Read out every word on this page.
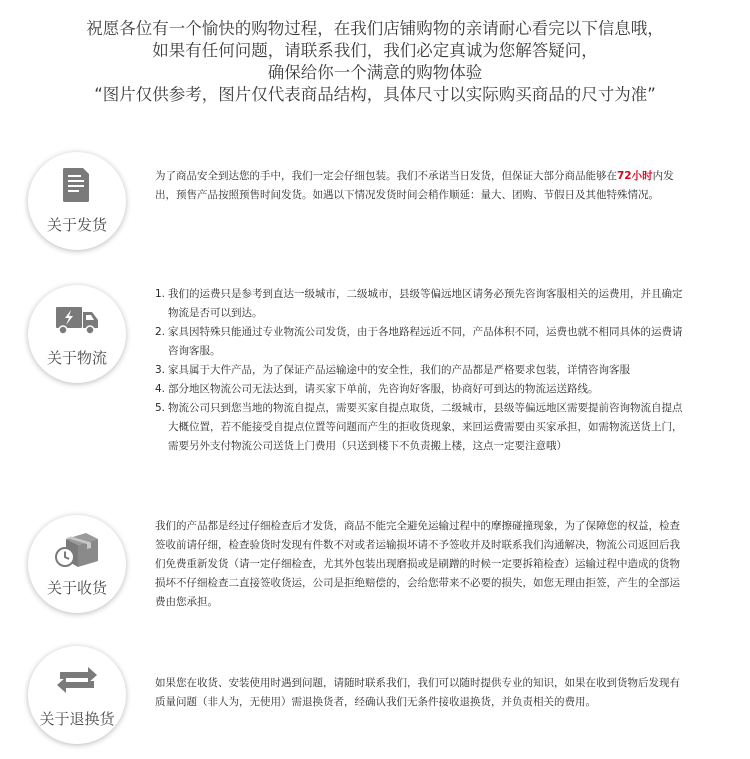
祝愿各位有一个愉快的购物过程，在我们店铺购物的亲请耐心看完以下信息哦，
如果有任何问题，请联系我们，我们必定真诚为您解答疑问，
确保给你一个满意的购物体验
“图片仅供参考，图片仅代表商品结构，具体尺寸以实际购买商品的尺寸为准”
关于发货

为了商品安全到达您的手中，我们一定会仔细包装。我们不承诺当日发货，但保证大部分商品能够在72小时内发出，预售产品按照预售时间发货。如遇以下情况发货时间会稍作顺延：量大、团购、节假日及其他特殊情况。

关于物流
1. 我们的运费只是参考到直达一级城市，二级城市，县级等偏远地区请务必预先咨询客服相关的运费用，并且确定物流是否可以到达。
2. 家具因特殊只能通过专业物流公司发货，由于各地路程远近不同，产品体积不同，运费也就不相同具体的运费请咨询客服。
3. 家具属于大件产品，为了保证产品运输途中的安全性，我们的产品都是严格要求包装，详情咨询客服
4. 部分地区物流公司无法达到，请买家下单前，先咨询好客服，协商好可到达的物流运送路线。
5. 物流公司只到您当地的物流自提点，需要买家自提点取货，二级城市，县级等偏远地区需要提前咨询物流自提点大概位置，若不能接受自提点位置等问题而产生的拒收货现象，来回运费需要由买家承担，如需物流送货上门，需要另外支付物流公司送货上门费用（只送到楼下不负责搬上楼，这点一定要注意哦）
关于收货

我们的产品都是经过仔细检查后才发货，商品不能完全避免运输过程中的摩擦碰撞现象，为了保障您的权益，检查签收前请仔细，检查验货时发现有件数不对或者运输损坏请不予签收并及时联系我们沟通解决，物流公司返回后我们免费重新发货（请一定仔细检查，尤其外包装出现磨损或是刷蹭的时候一定要拆箱检查）运输过程中造成的货物损坏不仔细检查二直接签收货运，公司是拒绝赔偿的，会给您带来不必要的损失，如您无理由拒签，产生的全部运费由您承担。

关于退换货

如果您在收货、安装使用时遇到问题，请随时联系我们，我们可以随时提供专业的知识，如果在收到货物后发现有质量问题（非人为，无使用）需退换货者，经确认我们无条件接收退换货，并负责相关的费用。
